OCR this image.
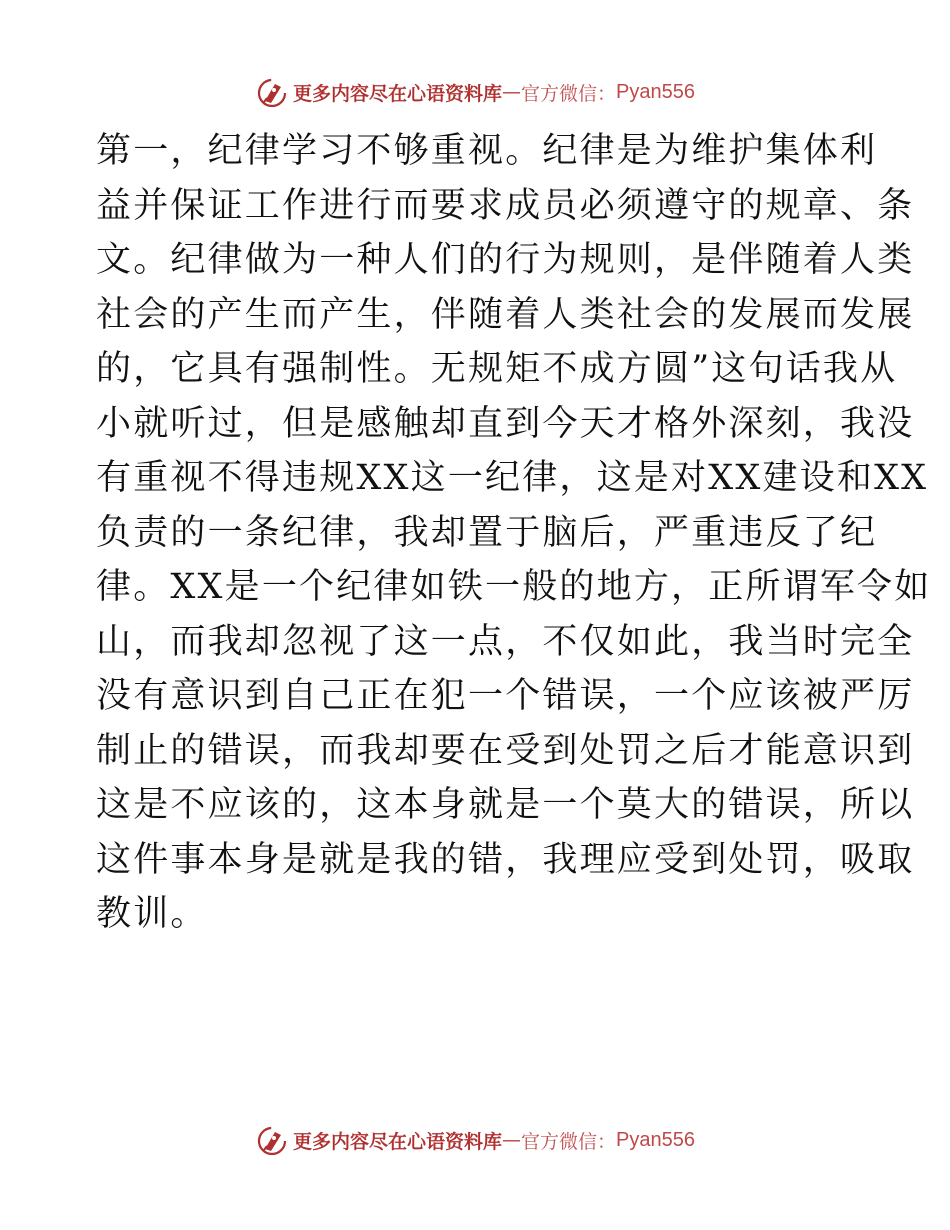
更多内容尽在心语资料库 — 官方微信： Pyan556
第一，纪律学习不够重视。纪律是为维护集体利
益并保证工作进行而要求成员必须遵守的规章、条
文。纪律做为一种人们的行为规则，是伴随着人类
社会的产生而产生，伴随着人类社会的发展而发展
的，它具有强制性。无规矩不成方圆”这句话我从
小就听过，但是感触却直到今天才格外深刻，我没
有重视不得违规XX这一纪律，这是对XX建设和XX
负责的一条纪律，我却置于脑后，严重违反了纪
律。XX是一个纪律如铁一般的地方，正所谓军令如
山，而我却忽视了这一点，不仅如此，我当时完全
没有意识到自己正在犯一个错误，一个应该被严厉
制止的错误，而我却要在受到处罚之后才能意识到
这是不应该的，这本身就是一个莫大的错误，所以
这件事本身是就是我的错，我理应受到处罚，吸取
教训。
更多内容尽在心语资料库 — 官方微信： Pyan556
